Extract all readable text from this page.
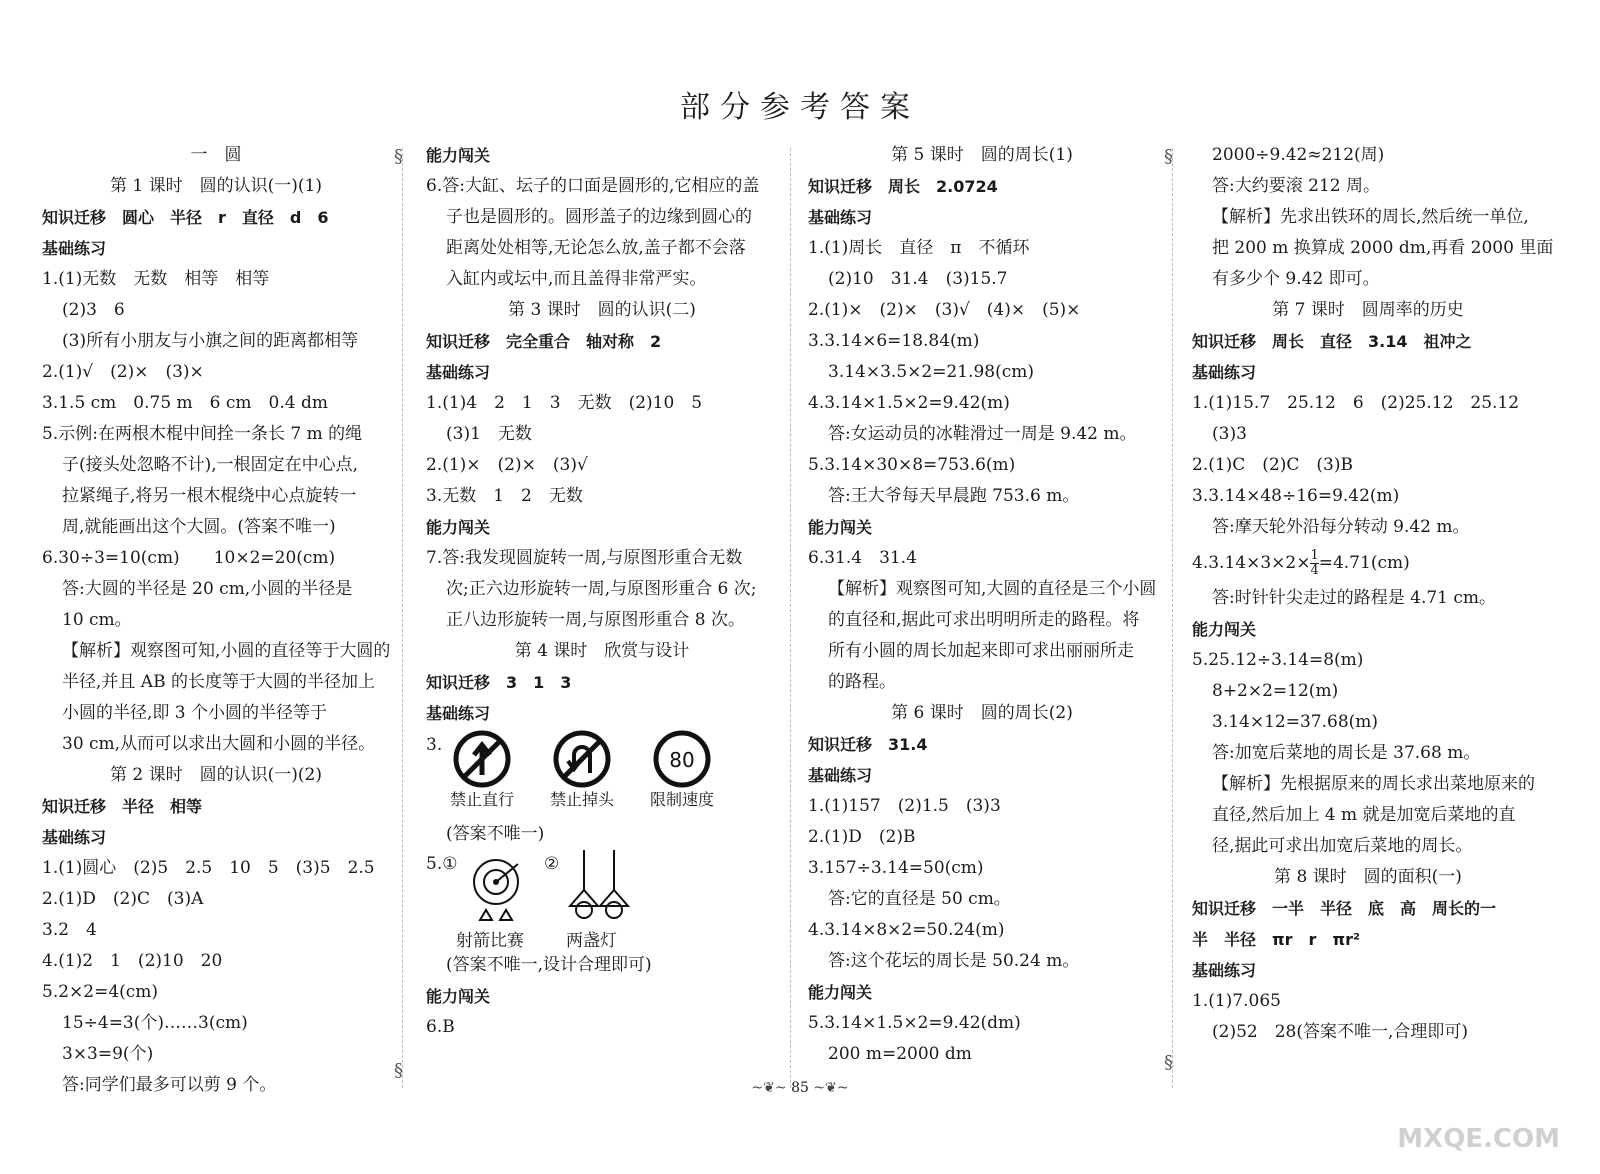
部分参考答案
§
§
§
§
一　圆
第 1 课时　圆的认识(一)(1)
知识迁移　圆心　半径　r　直径　d　6
基础练习
1.(1)无数　无数　相等　相等
(2)3　6
(3)所有小朋友与小旗之间的距离都相等
2.(1)√　(2)×　(3)×
3.1.5 cm　0.75 m　6 cm　0.4 dm
5.示例:在两根木棍中间拴一条长 7 m 的绳
子(接头处忽略不计),一根固定在中心点,
拉紧绳子,将另一根木棍绕中心点旋转一
周,就能画出这个大圆。(答案不唯一)
6.30÷3=10(cm)　　10×2=20(cm)
答:大圆的半径是 20 cm,小圆的半径是
10 cm。
【解析】观察图可知,小圆的直径等于大圆的
半径,并且 AB 的长度等于大圆的半径加上
小圆的半径,即 3 个小圆的半径等于
30 cm,从而可以求出大圆和小圆的半径。
第 2 课时　圆的认识(一)(2)
知识迁移　半径　相等
基础练习
1.(1)圆心　(2)5　2.5　10　5　(3)5　2.5
2.(1)D　(2)C　(3)A
3.2　4
4.(1)2　1　(2)10　20
5.2×2=4(cm)
15÷4=3(个)……3(cm)
3×3=9(个)
答:同学们最多可以剪 9 个。
能力闯关
6.答:大缸、坛子的口面是圆形的,它相应的盖
子也是圆形的。圆形盖子的边缘到圆心的
距离处处相等,无论怎么放,盖子都不会落
入缸内或坛中,而且盖得非常严实。
第 3 课时　圆的认识(二)
知识迁移　完全重合　轴对称　2
基础练习
1.(1)4　2　1　3　无数　(2)10　5
(3)1　无数
2.(1)×　(2)×　(3)√
3.无数　1　2　无数
能力闯关
7.答:我发现圆旋转一周,与原图形重合无数
次;正六边形旋转一周,与原图形重合 6 次;
正八边形旋转一周,与原图形重合 8 次。
第 4 课时　欣赏与设计
知识迁移　3　1　3
基础练习
3.
禁止直行	禁止掉头
80
限制速度
(答案不唯一)
5.①
射箭比赛
②
两盏灯
(答案不唯一,设计合理即可)
能力闯关
6.B
第 5 课时　圆的周长(1)
知识迁移　周长　2.0724
基础练习
1.(1)周长　直径　π　不循环
(2)10　31.4　(3)15.7
2.(1)×　(2)×　(3)√　(4)×　(5)×
3.3.14×6=18.84(m)
3.14×3.5×2=21.98(cm)
4.3.14×1.5×2=9.42(m)
答:女运动员的冰鞋滑过一周是 9.42 m。
5.3.14×30×8=753.6(m)
答:王大爷每天早晨跑 753.6 m。
能力闯关
6.31.4　31.4
【解析】观察图可知,大圆的直径是三个小圆
的直径和,据此可求出明明所走的路程。将
所有小圆的周长加起来即可求出丽丽所走
的路程。
第 6 课时　圆的周长(2)
知识迁移　31.4
基础练习
1.(1)157　(2)1.5　(3)3
2.(1)D　(2)B
3.157÷3.14=50(cm)
答:它的直径是 50 cm。
4.3.14×8×2=50.24(m)
答:这个花坛的周长是 50.24 m。
能力闯关
5.3.14×1.5×2=9.42(dm)
200 m=2000 dm
2000÷9.42≈212(周)
答:大约要滚 212 周。
【解析】先求出铁环的周长,然后统一单位,
把 200 m 换算成 2000 dm,再看 2000 里面
有多少个 9.42 即可。
第 7 课时　圆周率的历史
知识迁移　周长　直径　3.14　祖冲之
基础练习
1.(1)15.7　25.12　6　(2)25.12　25.12
(3)3
2.(1)C　(2)C　(3)B
3.3.14×48÷16=9.42(m)
答:摩天轮外沿每分转动 9.42 m。
$4.3.14\times 3\times 2\times \frac{1}{4} =4.71(cm)$
答:时针针尖走过的路程是 4.71 cm。
能力闯关
5.25.12÷3.14=8(m)
8+2×2=12(m)
3.14×12=37.68(m)
答:加宽后菜地的周长是 37.68 m。
【解析】先根据原来的周长求出菜地原来的
直径,然后加上 4 m 就是加宽后菜地的直
径,据此可求出加宽后菜地的周长。
第 8 课时　圆的面积(一)
知识迁移　一半　半径　底　高　周长的一
半　半径　πr　r　πr²
基础练习
1.(1)7.065
(2)52　28(答案不唯一,合理即可)
~❦~ 85 ~❦~
MXQE.COM
